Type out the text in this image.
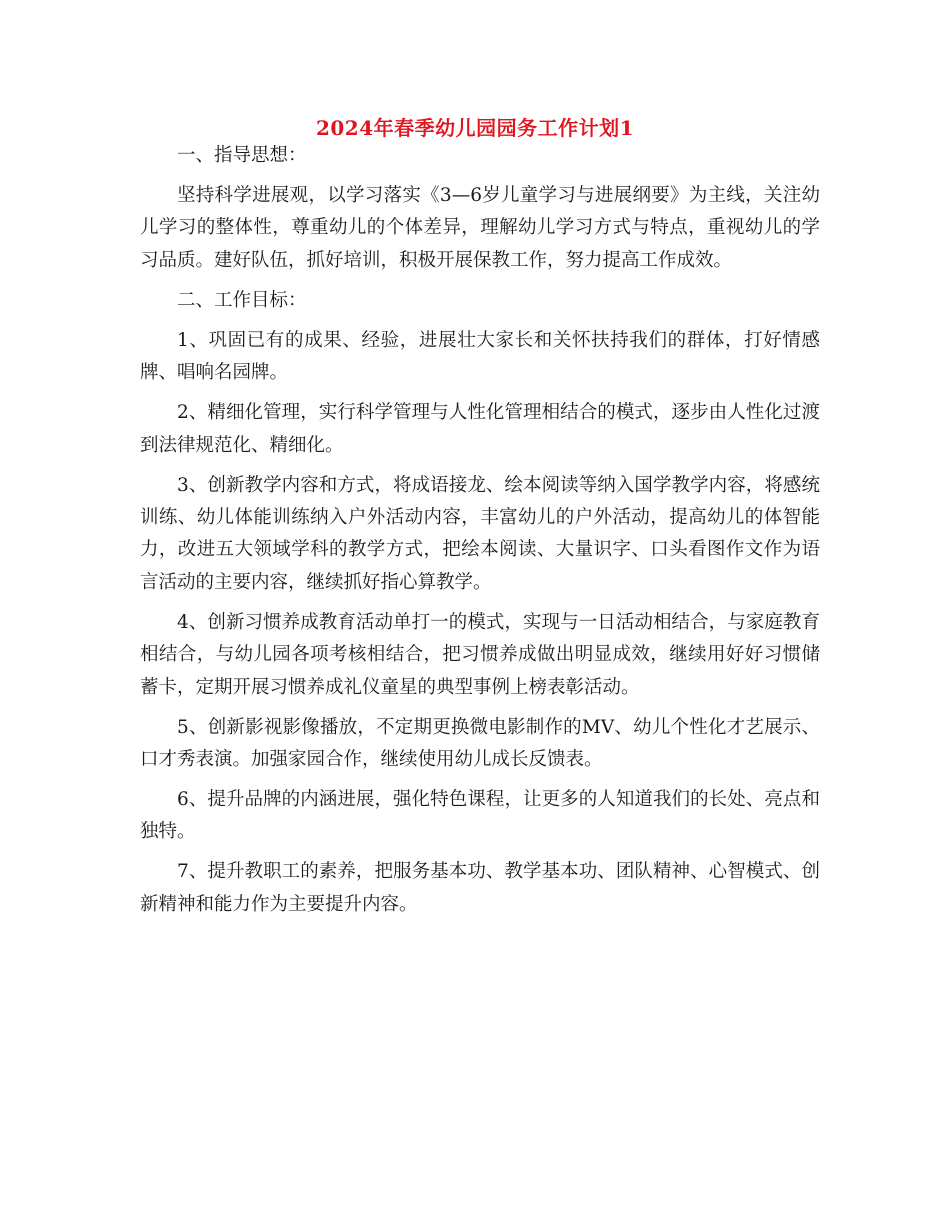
2024年春季幼儿园园务工作计划1

一、指导思想：

坚持科学进展观，以学习落实《3—6岁儿童学习与进展纲要》为主线，关注幼儿学习的整体性，尊重幼儿的个体差异，理解幼儿学习方式与特点，重视幼儿的学习品质。建好队伍，抓好培训，积极开展保教工作，努力提高工作成效。

二、工作目标：

1、巩固已有的成果、经验，进展壮大家长和关怀扶持我们的群体，打好情感牌、唱响名园牌。

2、精细化管理，实行科学管理与人性化管理相结合的模式，逐步由人性化过渡到法律规范化、精细化。

3、创新教学内容和方式，将成语接龙、绘本阅读等纳入国学教学内容，将感统训练、幼儿体能训练纳入户外活动内容，丰富幼儿的户外活动，提高幼儿的体智能力，改进五大领域学科的教学方式，把绘本阅读、大量识字、口头看图作文作为语言活动的主要内容，继续抓好指心算教学。

4、创新习惯养成教育活动单打一的模式，实现与一日活动相结合，与家庭教育相结合，与幼儿园各项考核相结合，把习惯养成做出明显成效，继续用好好习惯储蓄卡，定期开展习惯养成礼仪童星的典型事例上榜表彰活动。

5、创新影视影像播放，不定期更换微电影制作的MV、幼儿个性化才艺展示、口才秀表演。加强家园合作，继续使用幼儿成长反馈表。

6、提升品牌的内涵进展，强化特色课程，让更多的人知道我们的长处、亮点和独特。

7、提升教职工的素养，把服务基本功、教学基本功、团队精神、心智模式、创新精神和能力作为主要提升内容。
